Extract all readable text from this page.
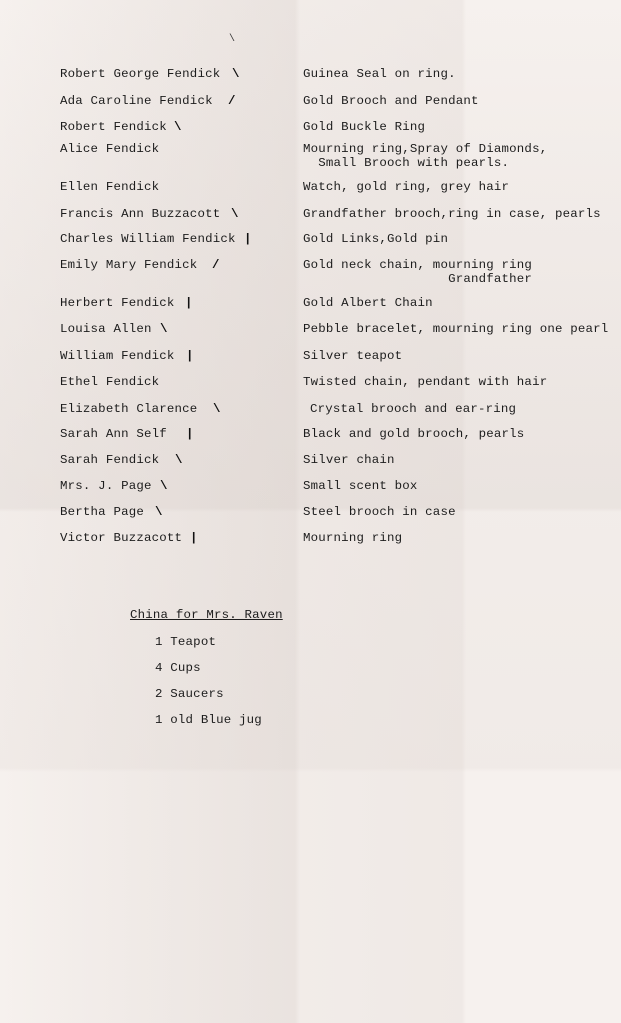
\
Robert George Fendick \	Guinea Seal on ring.
Ada Caroline Fendick /	Gold Brooch and Pendant
Robert Fendick \	Gold Buckle Ring
Alice Fendick	Mourning ring,Spray of Diamonds,
Small Brooch with pearls.
Ellen Fendick	Watch, gold ring, grey hair
Francis Ann Buzzacott \	Grandfather brooch,ring in case, pearls
Charles William Fendick |	Gold Links,Gold pin
Emily Mary Fendick /	Gold neck chain, mourning ring
Grandfather
Herbert Fendick |	Gold Albert Chain
Louisa Allen \	Pebble bracelet, mourning ring one pearl
William Fendick |	Silver teapot
Ethel Fendick	Twisted chain, pendant with hair
Elizabeth Clarence \	Crystal brooch and ear-ring
Sarah Ann Self |	Black and gold brooch, pearls
Sarah Fendick \	Silver chain
Mrs. J. Page \	Small scent box
Bertha Page \	Steel brooch in case
Victor Buzzacott |	Mourning ring
China for Mrs. Raven
1 Teapot
4 Cups
2 Saucers
1 old Blue jug
